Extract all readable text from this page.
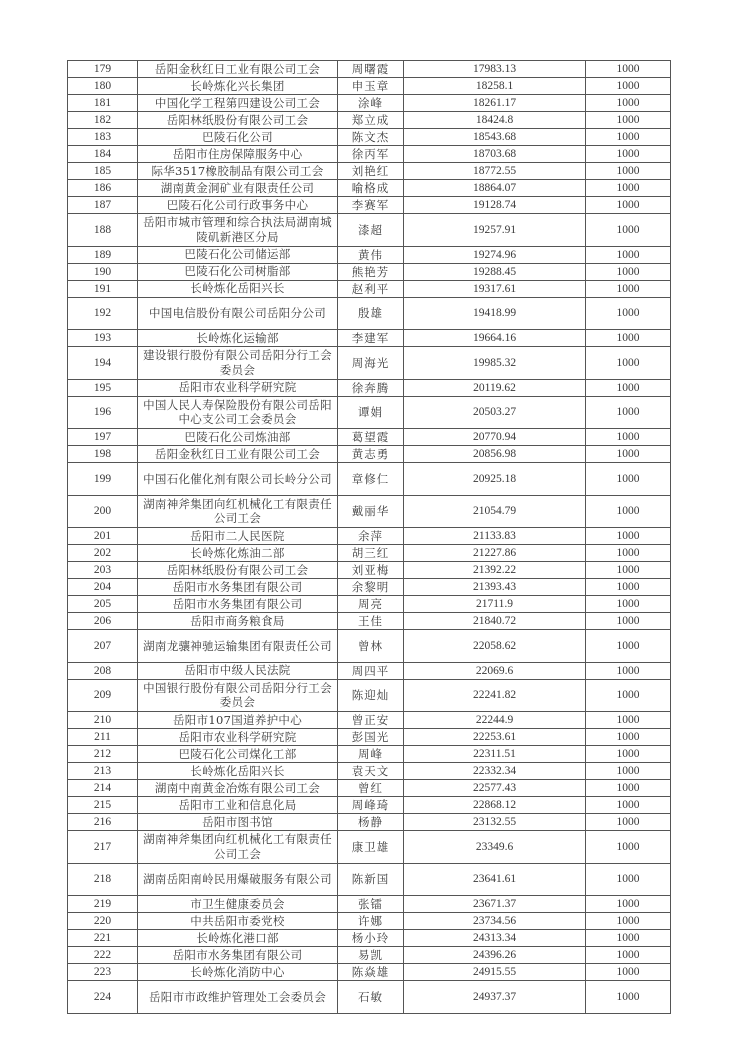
179	岳阳金秋红日工业有限公司工会	周曙霞	17983.13	1000
180	长岭炼化兴长集团	申玉章	18258.1	1000
181	中国化学工程第四建设公司工会	涂峰	18261.17	1000
182	岳阳林纸股份有限公司工会	郑立成	18424.8	1000
183	巴陵石化公司	陈文杰	18543.68	1000
184	岳阳市住房保障服务中心	徐丙军	18703.68	1000
185	际华3517橡胶制品有限公司工会	刘艳红	18772.55	1000
186	湖南黄金洞矿业有限责任公司	喻格成	18864.07	1000
187	巴陵石化公司行政事务中心	李赛军	19128.74	1000
188	岳阳市城市管理和综合执法局湖南城陵矶新港区分局	漆超	19257.91	1000
189	巴陵石化公司储运部	黄伟	19274.96	1000
190	巴陵石化公司树脂部	熊艳芳	19288.45	1000
191	长岭炼化岳阳兴长	赵利平	19317.61	1000
192	中国电信股份有限公司岳阳分公司	殷雄	19418.99	1000
193	长岭炼化运输部	李建军	19664.16	1000
194	建设银行股份有限公司岳阳分行工会委员会	周海光	19985.32	1000
195	岳阳市农业科学研究院	徐奔腾	20119.62	1000
196	中国人民人寿保险股份有限公司岳阳中心支公司工会委员会	谭娟	20503.27	1000
197	巴陵石化公司炼油部	葛望霞	20770.94	1000
198	岳阳金秋红日工业有限公司工会	黄志勇	20856.98	1000
199	中国石化催化剂有限公司长岭分公司	章修仁	20925.18	1000
200	湖南神斧集团向红机械化工有限责任公司工会	戴丽华	21054.79	1000
201	岳阳市二人民医院	余萍	21133.83	1000
202	长岭炼化炼油二部	胡三红	21227.86	1000
203	岳阳林纸股份有限公司工会	刘亚梅	21392.22	1000
204	岳阳市水务集团有限公司	余黎明	21393.43	1000
205	岳阳市水务集团有限公司	周亮	21711.9	1000
206	岳阳市商务粮食局	王佳	21840.72	1000
207	湖南龙骧神驰运输集团有限责任公司	曾林	22058.62	1000
208	岳阳市中级人民法院	周四平	22069.6	1000
209	中国银行股份有限公司岳阳分行工会委员会	陈迎灿	22241.82	1000
210	岳阳市107国道养护中心	曾正安	22244.9	1000
211	岳阳市农业科学研究院	彭国光	22253.61	1000
212	巴陵石化公司煤化工部	周峰	22311.51	1000
213	长岭炼化岳阳兴长	袁天文	22332.34	1000
214	湖南中南黄金冶炼有限公司工会	曾红	22577.43	1000
215	岳阳市工业和信息化局	周峰琦	22868.12	1000
216	岳阳市图书馆	杨静	23132.55	1000
217	湖南神斧集团向红机械化工有限责任公司工会	康卫雄	23349.6	1000
218	湖南岳阳南岭民用爆破服务有限公司	陈新国	23641.61	1000
219	市卫生健康委员会	张镭	23671.37	1000
220	中共岳阳市委党校	许娜	23734.56	1000
221	长岭炼化港口部	杨小玲	24313.34	1000
222	岳阳市水务集团有限公司	易凯	24396.26	1000
223	长岭炼化消防中心	陈焱雄	24915.55	1000
224	岳阳市市政维护管理处工会委员会	石敏	24937.37	1000
